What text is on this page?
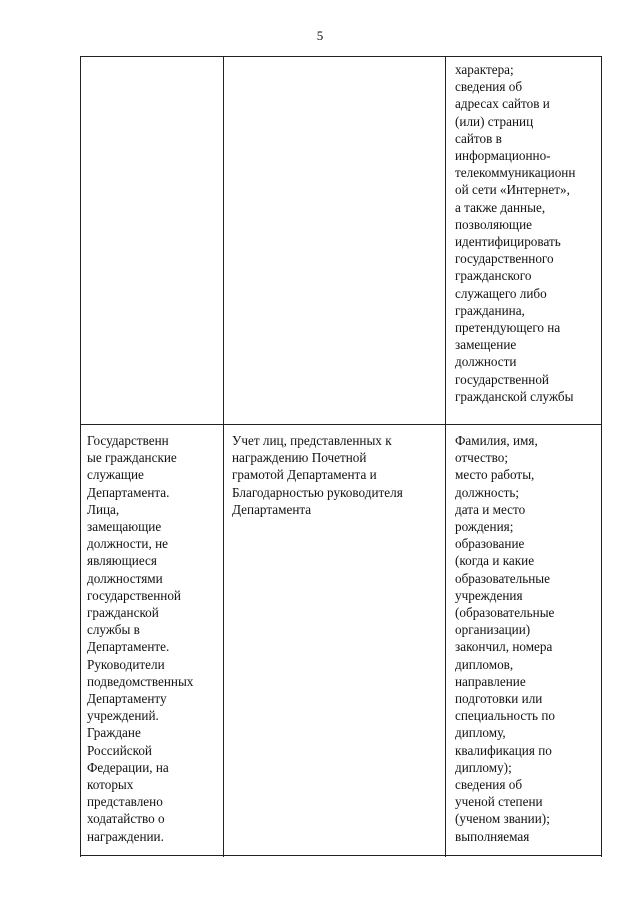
5
характера;
сведения об
адресах сайтов и
(или) страниц
сайтов в
информационно-
телекоммуникационн
ой сети «Интернет»,
а также данные,
позволяющие
идентифицировать
государственного
гражданского
служащего либо
гражданина,
претендующего на
замещение
должности
государственной
гражданской службы
Государственн
ые гражданские
служащие
Департамента.
Лица,
замещающие
должности, не
являющиеся
должностями
государственной
гражданской
службы в
Департаменте.
Руководители
подведомственных
Департаменту
учреждений.
Граждане
Российской
Федерации, на
которых
представлено
ходатайство о
награждении.
Учет лиц, представленных к
награждению Почетной
грамотой Департамента и
Благодарностью руководителя
Департамента
Фамилия, имя,
отчество;
место работы,
должность;
дата и место
рождения;
образование
(когда и какие
образовательные
учреждения
(образовательные
организации)
закончил, номера
дипломов,
направление
подготовки или
специальность по
диплому,
квалификация по
диплому);
сведения об
ученой степени
(ученом звании);
выполняемая
